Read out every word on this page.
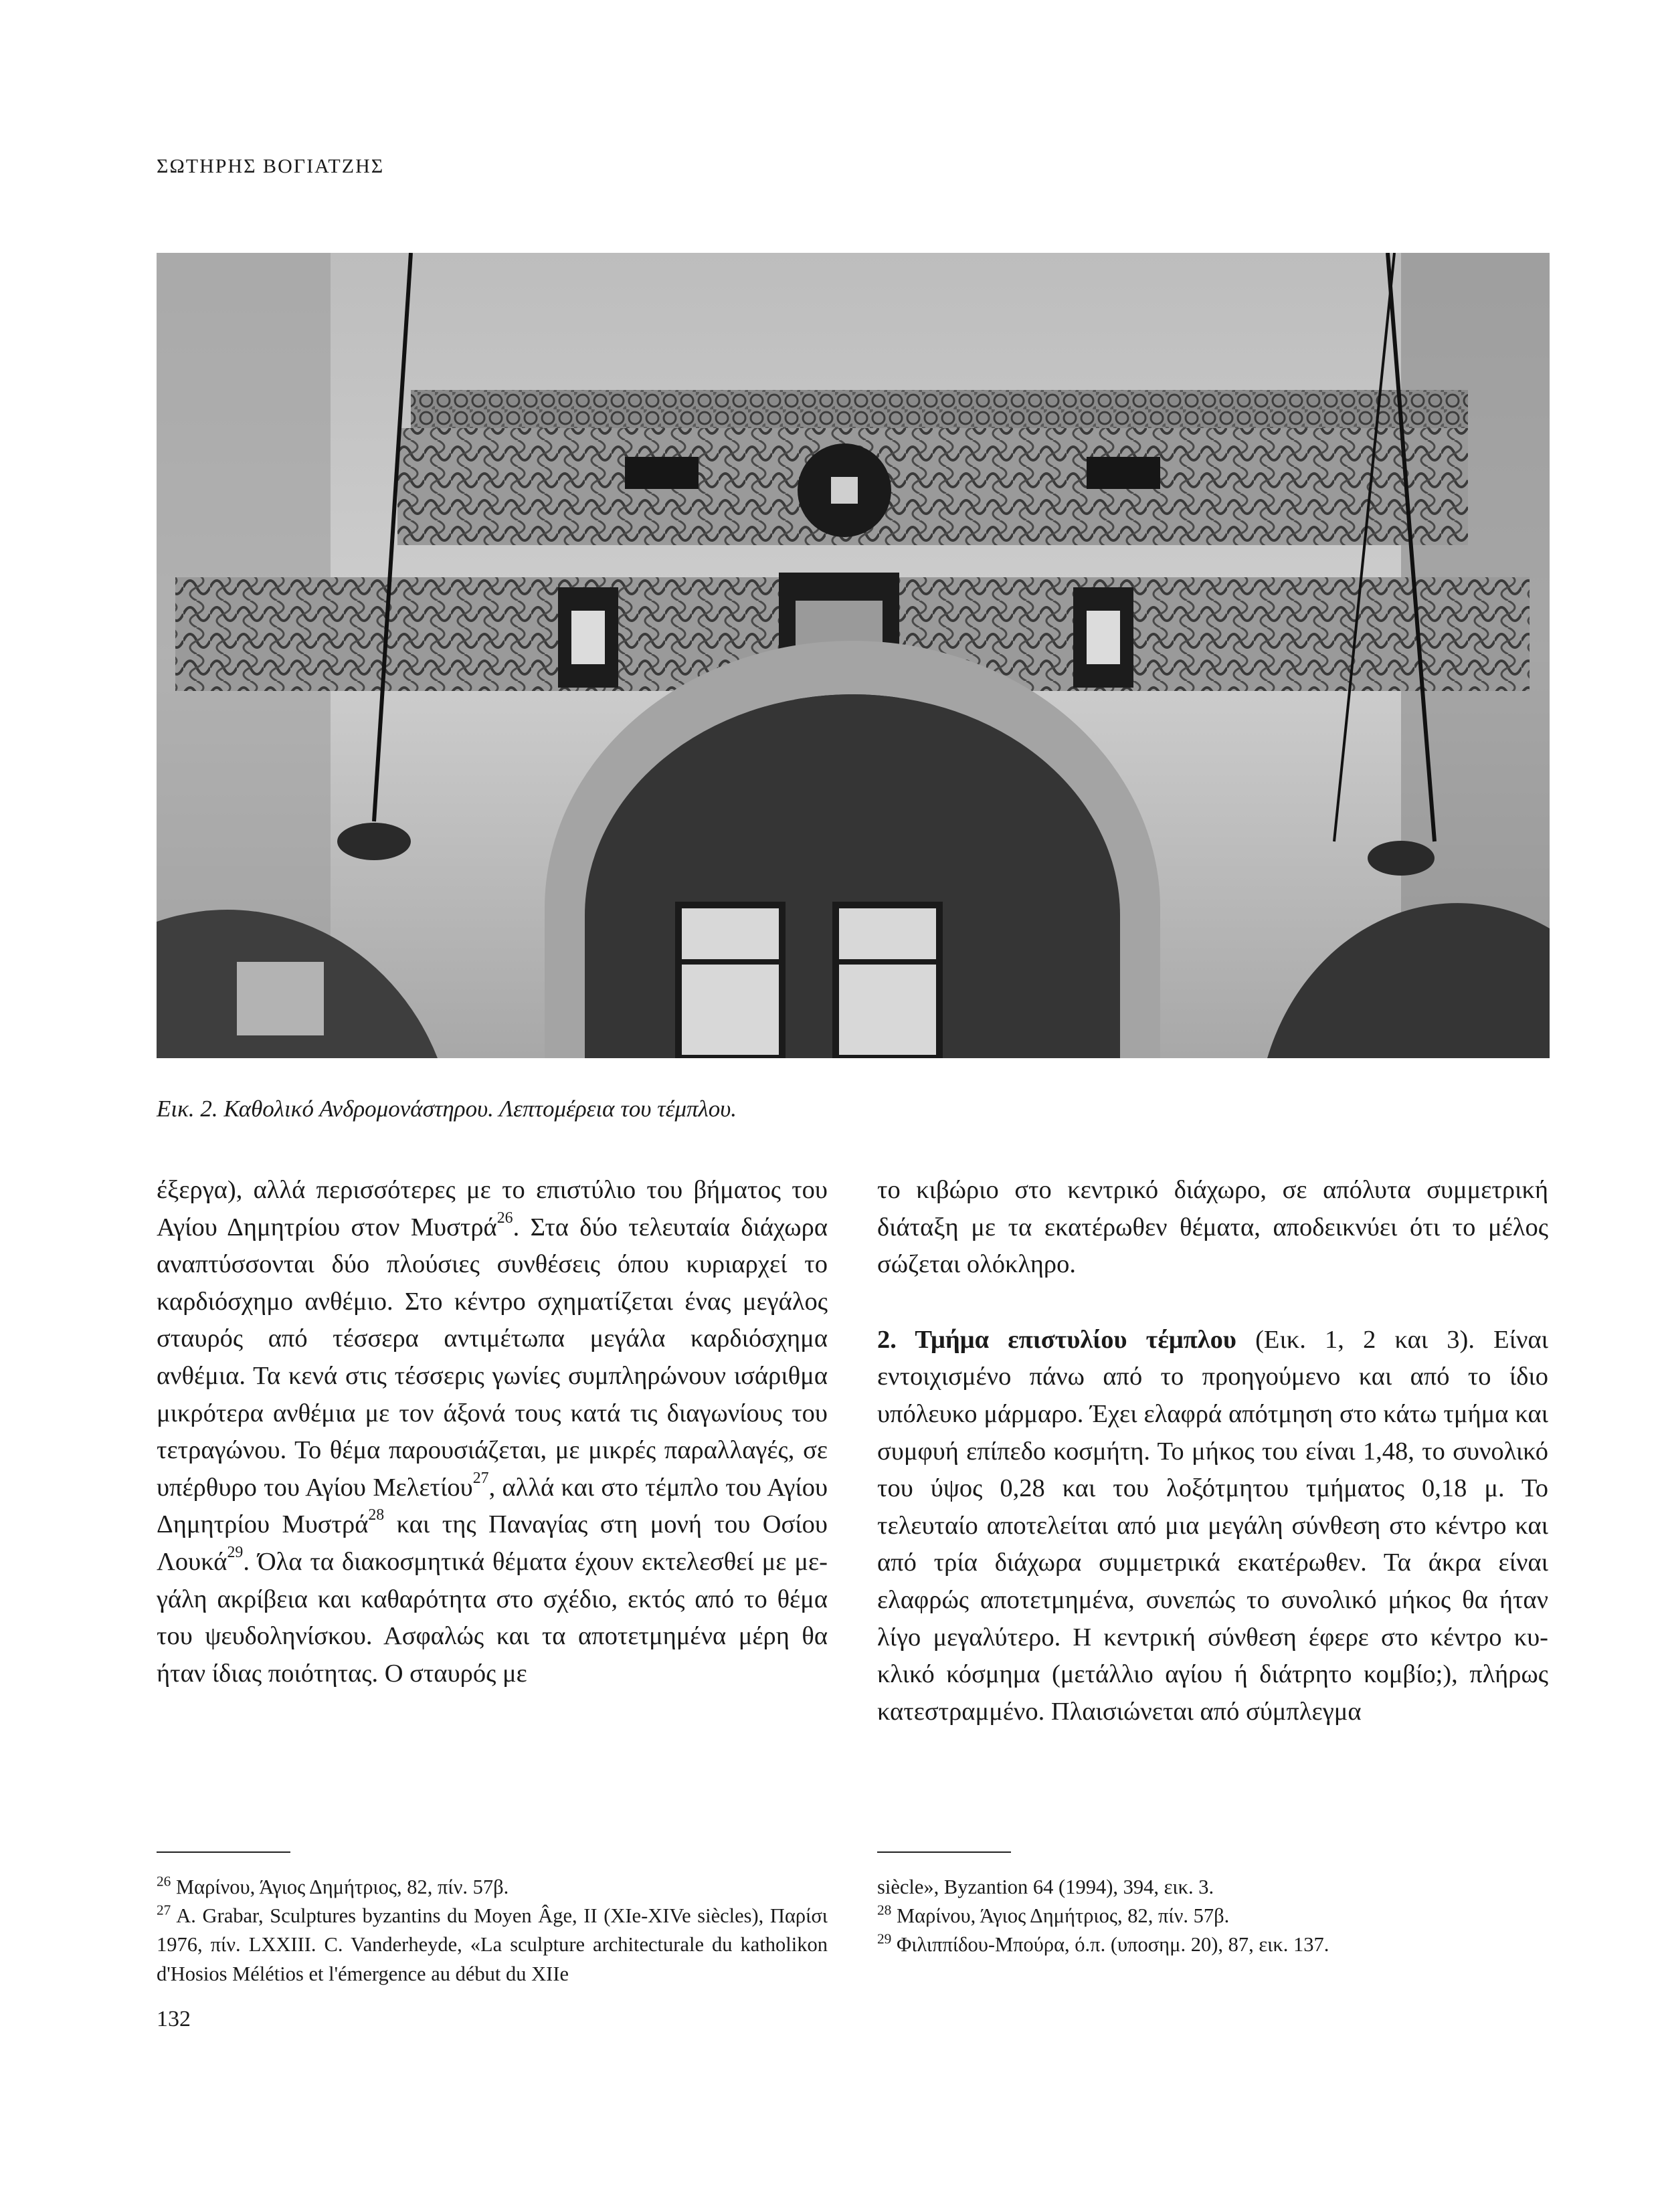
ΣΩΤΗΡΗΣ ΒΟΓΙΑΤΖΗΣ
Εικ. 2. Καθολικό Ανδρομονάστηρου. Λεπτομέρεια του τέμπλου.

έξεργα), αλλά περισσότερες με το επιστύλιο του βήματος του Αγίου Δημητρίου στον Μυστρά$^{26}$. Στα δύο τελευταία διάχωρα αναπτύσσονται δύο πλούσιες συνθέσεις όπου κυριαρχεί το καρδιόσχημο ανθέμιο. Στο κέντρο σχηματίζεται ένας μεγάλος σταυρός από τέσσερα αντιμέτωπα μεγάλα καρδιόσχημα ανθέμια. Τα κενά στις τέσσερις γωνίες συμπληρώνουν ισάριθμα μικρότερα ανθέμια με τον άξονά τους κατά τις διαγωνίους του τετραγώνου. Το θέμα παρουσιάζεται, με μικρές παραλλαγές, σε υπέρθυρο του Αγίου Μελετίου$^{27}$, αλλά και στο τέμπλο του Αγίου Δημητρίου Μυστρά$^{28}$ και της Παναγίας στη μονή του Οσίου Λουκά$^{29}$. Όλα τα διακοσμητικά θέματα έχουν εκτελεσθεί με μεγάλη ακρίβεια και καθαρότητα στο σχέδιο, εκτός από το θέμα του ψευδοληνίσκου. Ασφαλώς και τα αποτετμημένα μέρη θα ήταν ίδιας ποιότητας. Ο σταυρός με

το κιβώριο στο κεντρικό διάχωρο, σε απόλυτα συμμετρική διάταξη με τα εκατέρωθεν θέματα, αποδεικνύει ότι το μέλος σώζεται ολόκληρο.

2. Τμήμα επιστυλίου τέμπλου (Εικ. 1, 2 και 3). Είναι εντοιχισμένο πάνω από το προηγούμενο και από το ίδιο υπόλευκο μάρμαρο. Έχει ελαφρά απότμηση στο κάτω τμήμα και συμφυή επίπεδο κοσμήτη. Το μήκος του είναι 1,48, το συνολικό του ύψος 0,28 και του λοξότμητου τμήματος 0,18 μ. Το τελευταίο αποτελείται από μια μεγάλη σύνθεση στο κέντρο και από τρία διάχωρα συμμετρικά εκατέρωθεν. Τα άκρα είναι ελαφρώς αποτετμημένα, συνεπώς το συνολικό μήκος θα ήταν λίγο μεγαλύτερο. Η κεντρική σύνθεση έφερε στο κέντρο κυκλικό κόσμημα (μετάλλιο αγίου ή διάτρητο κομβίο;), πλήρως κατεστραμμένο. Πλαισιώνεται από σύμπλεγμα

$^{26}$ Μαρίνου, Άγιος Δημήτριος, 82, πίν. 57β.

$^{27}$ A. Grabar, Sculptures byzantins du Moyen Âge, II (XIe-XIVe siècles), Παρίσι 1976, πίν. LXXIII. C. Vanderheyde, «La sculpture architecturale du katholikon d'Hosios Mélétios et l'émergence au début du XIIe

siècle», Byzantion 64 (1994), 394, εικ. 3.

$^{28}$ Μαρίνου, Άγιος Δημήτριος, 82, πίν. 57β.

$^{29}$ Φιλιππίδου-Μπούρα, ό.π. (υποσημ. 20), 87, εικ. 137.

132
